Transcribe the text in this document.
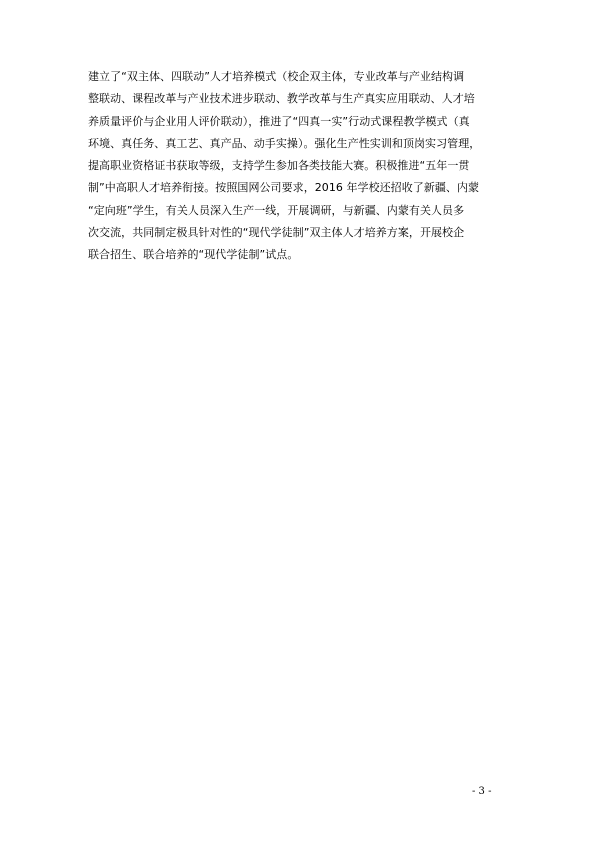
建立了“双主体、四联动”人才培养模式（校企双主体，专业改革与产业结构调
整联动、课程改革与产业技术进步联动、教学改革与生产真实应用联动、人才培
养质量评价与企业用人评价联动），推进了“四真一实”行动式课程教学模式（真
环境、真任务、真工艺、真产品、动手实操）。强化生产性实训和顶岗实习管理，
提高职业资格证书获取等级，支持学生参加各类技能大赛。积极推进“五年一贯
制”中高职人才培养衔接。按照国网公司要求，2016 年学校还招收了新疆、内蒙
“定向班”学生，有关人员深入生产一线，开展调研，与新疆、内蒙有关人员多
次交流，共同制定极具针对性的“现代学徒制”双主体人才培养方案，开展校企
联合招生、联合培养的“现代学徒制”试点。
- 3 -
